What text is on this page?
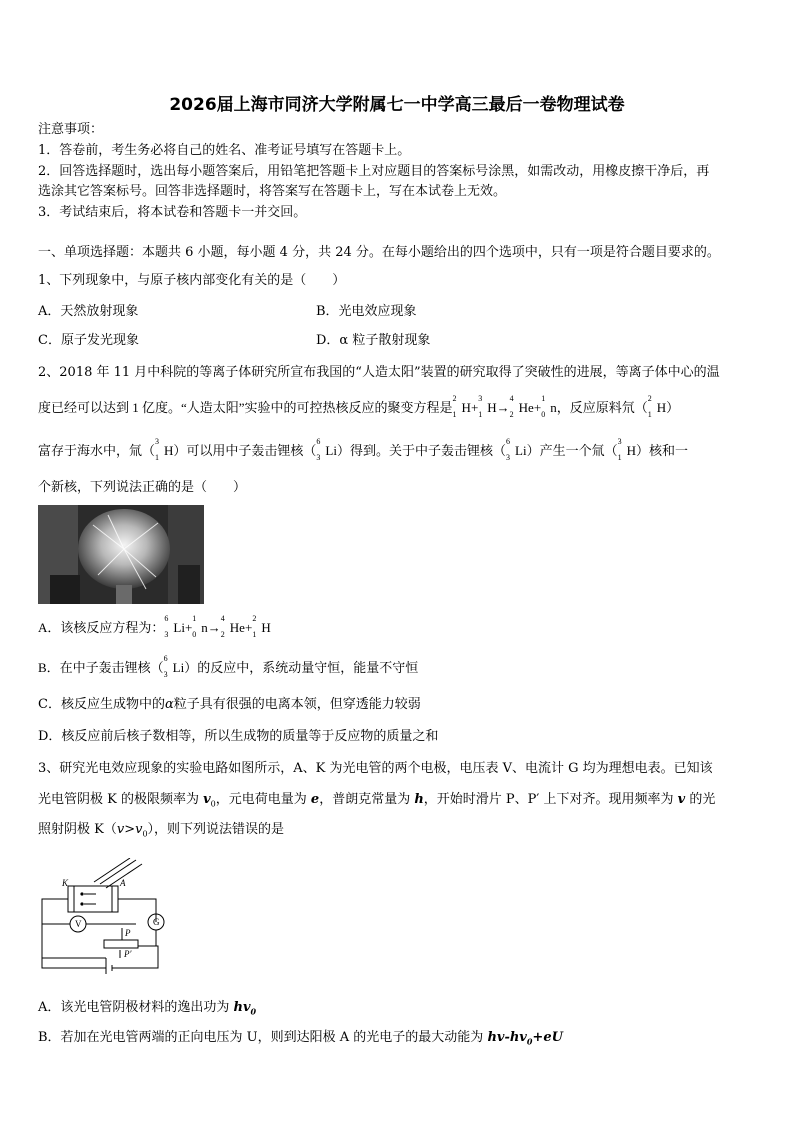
2026届上海市同济大学附属七一中学高三最后一卷物理试卷
注意事项：
1．答卷前，考生务必将自己的姓名、准考证号填写在答题卡上。
2．回答选择题时，选出每小题答案后，用铅笔把答题卡上对应题目的答案标号涂黑，如需改动，用橡皮擦干净后，再
选涂其它答案标号。回答非选择题时，将答案写在答题卡上，写在本试卷上无效。
3．考试结束后，将本试卷和答题卡一并交回。
一、单项选择题：本题共 6 小题，每小题 4 分，共 24 分。在每小题给出的四个选项中，只有一项是符合题目要求的。
1、下列现象中，与原子核内部变化有关的是（　　）
A．天然放射现象	B．光电效应现象
C．原子发光现象	D．α 粒子散射现象
2、2018 年 11 月中科院的等离子体研究所宣布我国的“人造太阳”装置的研究取得了突破性的进展，等离子体中心的温
度已经可以达到 1 亿度。“人造太阳”实验中的可控热核反应的聚变方程是
2
1 H+
3
1 H→
4
2 He+
1
0 n，反应原料氘（
2
1 H）
富存于海水中，氚（
3
1 H）可以用中子轰击锂核（
6
3 Li）得到。关于中子轰击锂核（
6
3 Li）产生一个氚（
3
1 H）核和一
个新核，下列说法正确的是（　　）
A．该核反应方程为：
6
3 Li+
1
0 n→
4
2 He+
2
1 H
B．在中子轰击锂核（
6
3 Li）的反应中，系统动量守恒，能量不守恒
C．核反应生成物中的α粒子具有很强的电离本领，但穿透能力较弱
D．核反应前后核子数相等，所以生成物的质量等于反应物的质量之和
3、研究光电效应现象的实验电路如图所示，A、K 为光电管的两个电极，电压表 V、电流计 G 均为理想电表。已知该
光电管阴极 K 的极限频率为 $v_0$，元电荷电量为 e，普朗克常量为 h，开始时滑片 P、P′ 上下对齐。现用频率为 v 的光
照射阴极 $K(v>v_0)$，则下列说法错误的是
K	A
G
V
P
P′
A．该光电管阴极材料的逸出功为 $hv_0$
B．若加在光电管两端的正向电压为 U，则到达阳极 A 的光电子的最大动能为 $hv-hv_0+eU$
